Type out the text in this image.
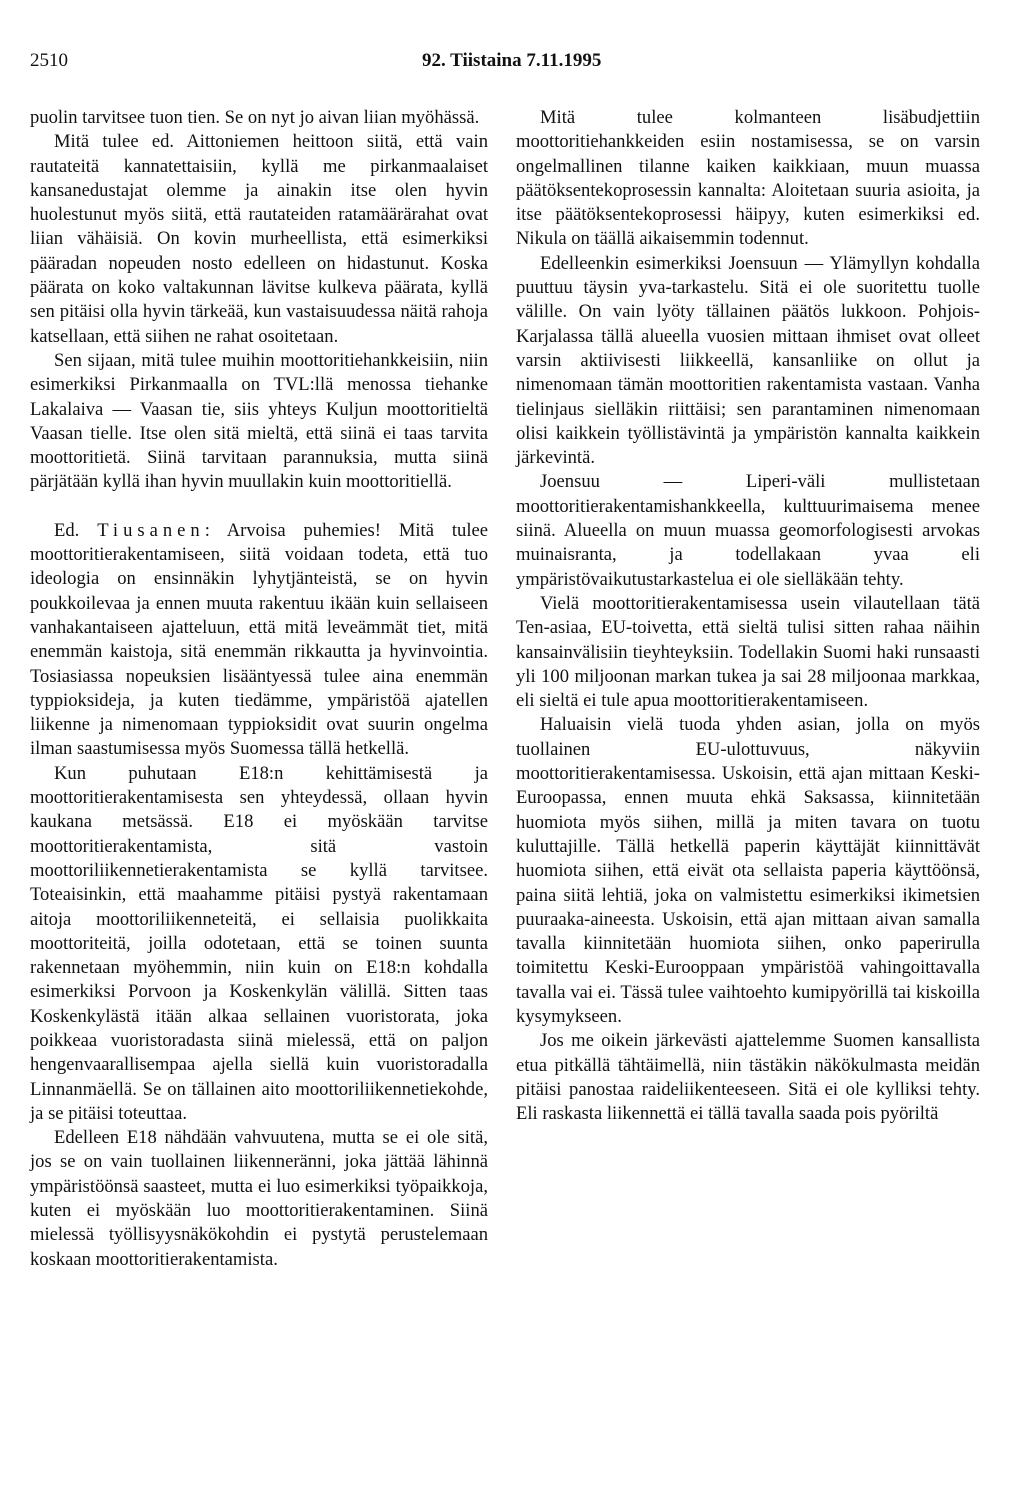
2510	92. Tiistaina 7.11.1995

puolin tarvitsee tuon tien. Se on nyt jo aivan liian myöhässä.

Mitä tulee ed. Aittoniemen heittoon siitä, että vain rautateitä kannatettaisiin, kyllä me pirkanmaalaiset kansanedustajat olemme ja ainakin itse olen hyvin huolestunut myös siitä, että rautateiden ratamäärärahat ovat liian vähäisiä. On kovin murheellista, että esimerkiksi pääradan nopeuden nosto edelleen on hidastunut. Koska päärata on koko valtakunnan lävitse kulkeva päärata, kyllä sen pitäisi olla hyvin tärkeää, kun vastaisuudessa näitä rahoja katsellaan, että siihen ne rahat osoitetaan.

Sen sijaan, mitä tulee muihin moottoritiehankkeisiin, niin esimerkiksi Pirkanmaalla on TVL:llä menossa tiehanke Lakalaiva — Vaasan tie, siis yhteys Kuljun moottoritieltä Vaasan tielle. Itse olen sitä mieltä, että siinä ei taas tarvita moottoritietä. Siinä tarvitaan parannuksia, mutta siinä pärjätään kyllä ihan hyvin muullakin kuin moottoritiellä.

Ed. Tiusanen: Arvoisa puhemies! Mitä tulee moottoritierakentamiseen, siitä voidaan todeta, että tuo ideologia on ensinnäkin lyhytjänteistä, se on hyvin poukkoilevaa ja ennen muuta rakentuu ikään kuin sellaiseen vanhakantaiseen ajatteluun, että mitä leveämmät tiet, mitä enemmän kaistoja, sitä enemmän rikkautta ja hyvinvointia. Tosiasiassa nopeuksien lisääntyessä tulee aina enemmän typpioksideja, ja kuten tiedämme, ympäristöä ajatellen liikenne ja nimenomaan typpioksidit ovat suurin ongelma ilman saastumisessa myös Suomessa tällä hetkellä.

Kun puhutaan E18:n kehittämisestä ja moottoritierakentamisesta sen yhteydessä, ollaan hyvin kaukana metsässä. E18 ei myöskään tarvitse moottoritierakentamista, sitä vastoin moottoriliikennetierakentamista se kyllä tarvitsee. Toteaisinkin, että maahamme pitäisi pystyä rakentamaan aitoja moottoriliikenneteitä, ei sellaisia puolikkaita moottoriteitä, joilla odotetaan, että se toinen suunta rakennetaan myöhemmin, niin kuin on E18:n kohdalla esimerkiksi Porvoon ja Koskenkylän välillä. Sitten taas Koskenkylästä itään alkaa sellainen vuoristorata, joka poikkeaa vuoristoradasta siinä mielessä, että on paljon hengenvaarallisempaa ajella siellä kuin vuoristoradalla Linnanmäellä. Se on tällainen aito moottoriliikennetiekohde, ja se pitäisi toteuttaa.

Edelleen E18 nähdään vahvuutena, mutta se ei ole sitä, jos se on vain tuollainen liikenneränni, joka jättää lähinnä ympäristöönsä saasteet, mutta ei luo esimerkiksi työpaikkoja, kuten ei myöskään luo moottoritierakentaminen. Siinä mielessä työllisyysnäkökohdin ei pystytä perustelemaan koskaan moottoritierakentamista.

Mitä tulee kolmanteen lisäbudjettiin moottoritiehankkeiden esiin nostamisessa, se on varsin ongelmallinen tilanne kaiken kaikkiaan, muun muassa päätöksentekoprosessin kannalta: Aloitetaan suuria asioita, ja itse päätöksentekoprosessi häipyy, kuten esimerkiksi ed. Nikula on täällä aikaisemmin todennut.

Edelleenkin esimerkiksi Joensuun — Ylämyllyn kohdalla puuttuu täysin yva-tarkastelu. Sitä ei ole suoritettu tuolle välille. On vain lyöty tällainen päätös lukkoon. Pohjois-Karjalassa tällä alueella vuosien mittaan ihmiset ovat olleet varsin aktiivisesti liikkeellä, kansanliike on ollut ja nimenomaan tämän moottoritien rakentamista vastaan. Vanha tielinjaus sielläkin riittäisi; sen parantaminen nimenomaan olisi kaikkein työllistävintä ja ympäristön kannalta kaikkein järkevintä.

Joensuu — Liperi-väli mullistetaan moottoritierakentamishankkeella, kulttuurimaisema menee siinä. Alueella on muun muassa geomorfologisesti arvokas muinaisranta, ja todellakaan yvaa eli ympäristövaikutustarkastelua ei ole sielläkään tehty.

Vielä moottoritierakentamisessa usein vilautellaan tätä Ten-asiaa, EU-toivetta, että sieltä tulisi sitten rahaa näihin kansainvälisiin tieyhteyksiin. Todellakin Suomi haki runsaasti yli 100 miljoonan markan tukea ja sai 28 miljoonaa markkaa, eli sieltä ei tule apua moottoritierakentamiseen.

Haluaisin vielä tuoda yhden asian, jolla on myös tuollainen EU-ulottuvuus, näkyviin moottoritierakentamisessa. Uskoisin, että ajan mittaan Keski-Euroopassa, ennen muuta ehkä Saksassa, kiinnitetään huomiota myös siihen, millä ja miten tavara on tuotu kuluttajille. Tällä hetkellä paperin käyttäjät kiinnittävät huomiota siihen, että eivät ota sellaista paperia käyttöönsä, paina siitä lehtiä, joka on valmistettu esimerkiksi ikimetsien puuraaka-aineesta. Uskoisin, että ajan mittaan aivan samalla tavalla kiinnitetään huomiota siihen, onko paperirulla toimitettu Keski-Eurooppaan ympäristöä vahingoittavalla tavalla vai ei. Tässä tulee vaihtoehto kumipyörillä tai kiskoilla kysymykseen.

Jos me oikein järkevästi ajattelemme Suomen kansallista etua pitkällä tähtäimellä, niin tästäkin näkökulmasta meidän pitäisi panostaa raideliikenteeseen. Sitä ei ole kylliksi tehty. Eli raskasta liikennettä ei tällä tavalla saada pois pyöriltä
